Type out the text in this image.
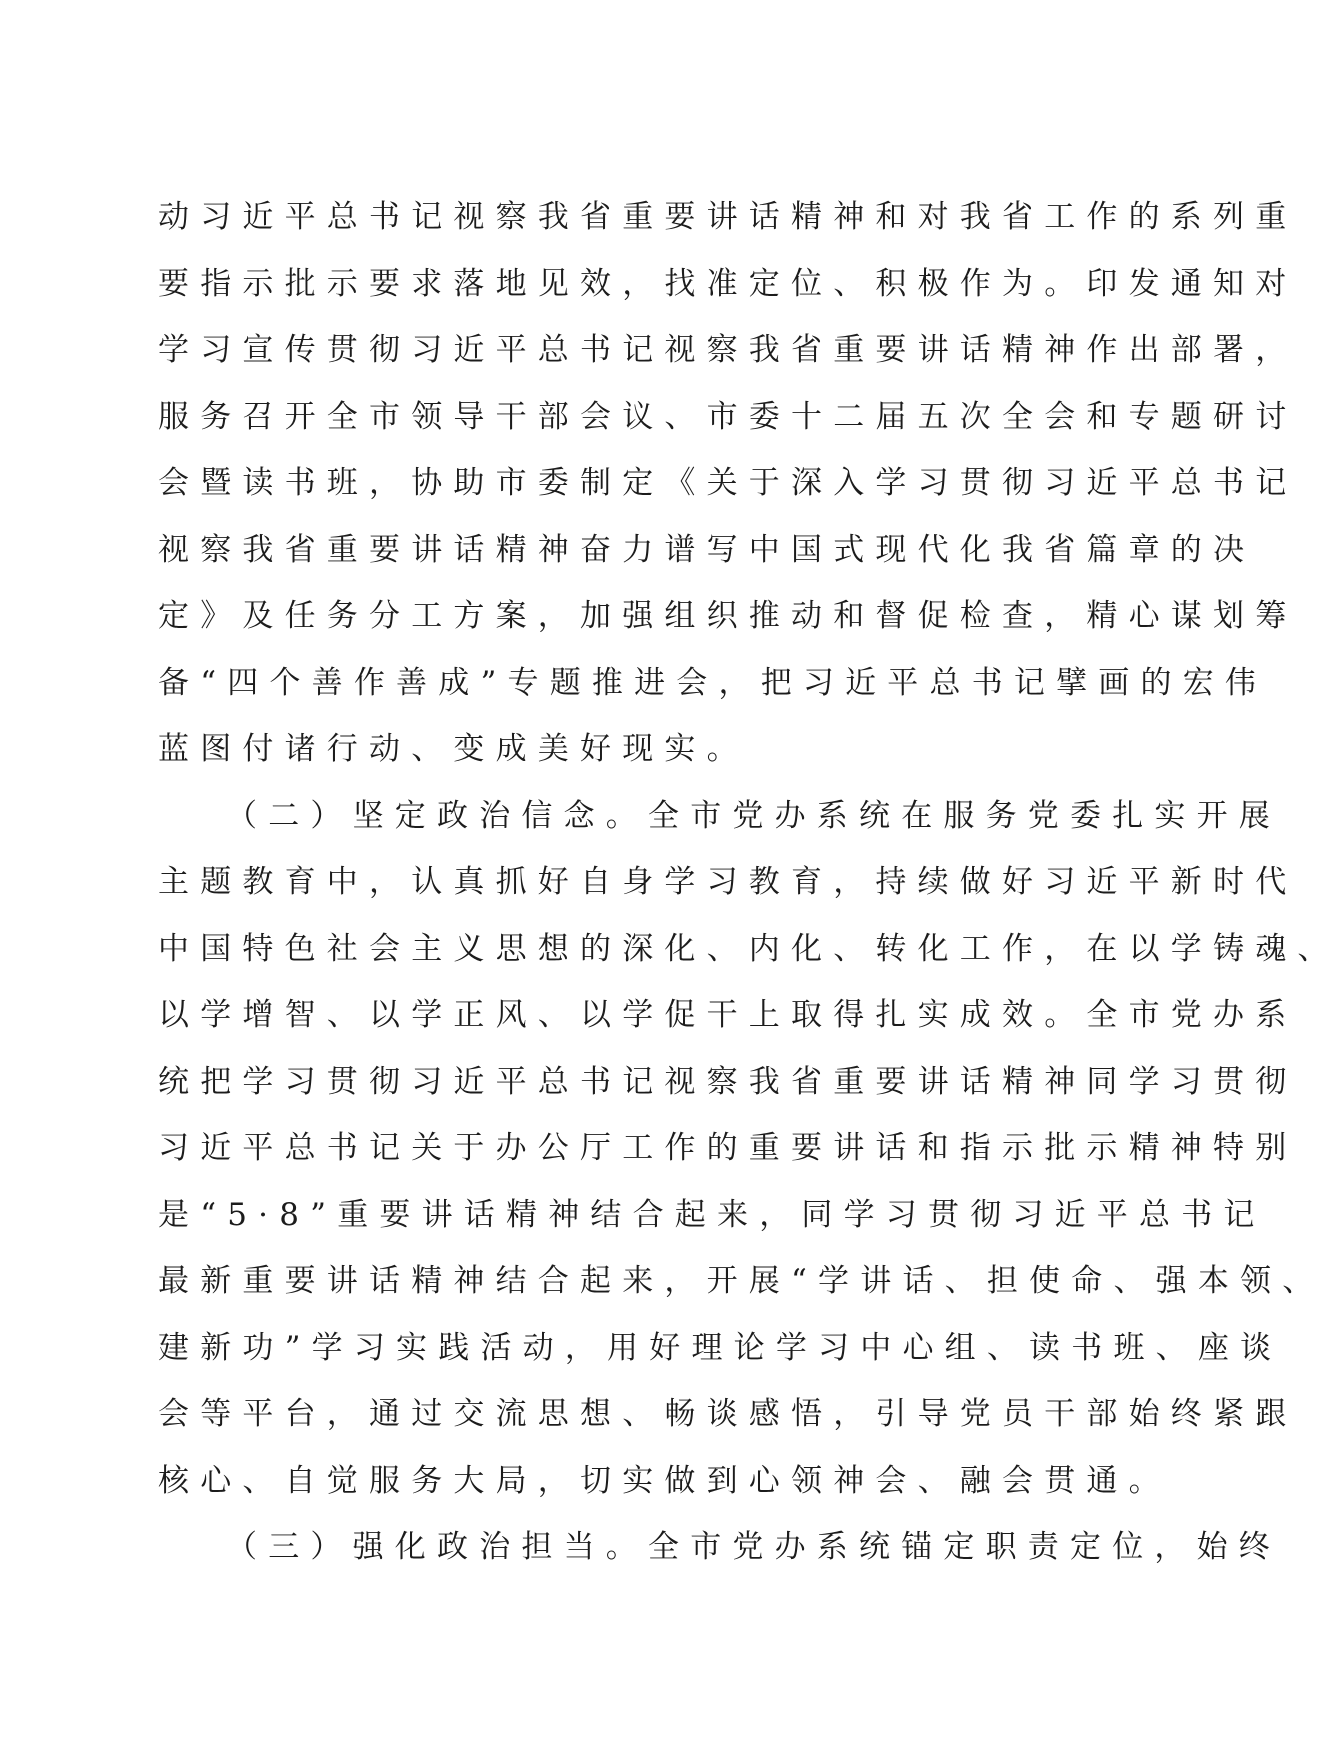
动习近平总书记视察我省重要讲话精神和对我省工作的系列重
要指示批示要求落地见效，找准定位、积极作为。印发通知对
学习宣传贯彻习近平总书记视察我省重要讲话精神作出部署，
服务召开全市领导干部会议、市委十二届五次全会和专题研讨
会暨读书班，协助市委制定《关于深入学习贯彻习近平总书记
视察我省重要讲话精神奋力谱写中国式现代化我省篇章的决
定》及任务分工方案，加强组织推动和督促检查，精心谋划筹
备“四个善作善成”专题推进会，把习近平总书记擘画的宏伟
蓝图付诸行动、变成美好现实。
（二）坚定政治信念。全市党办系统在服务党委扎实开展
主题教育中，认真抓好自身学习教育，持续做好习近平新时代
中国特色社会主义思想的深化、内化、转化工作，在以学铸魂、
以学增智、以学正风、以学促干上取得扎实成效。全市党办系
统把学习贯彻习近平总书记视察我省重要讲话精神同学习贯彻
习近平总书记关于办公厅工作的重要讲话和指示批示精神特别
是“5·8”重要讲话精神结合起来，同学习贯彻习近平总书记
最新重要讲话精神结合起来，开展“学讲话、担使命、强本领、
建新功”学习实践活动，用好理论学习中心组、读书班、座谈
会等平台，通过交流思想、畅谈感悟，引导党员干部始终紧跟
核心、自觉服务大局，切实做到心领神会、融会贯通。
（三）强化政治担当。全市党办系统锚定职责定位，始终
